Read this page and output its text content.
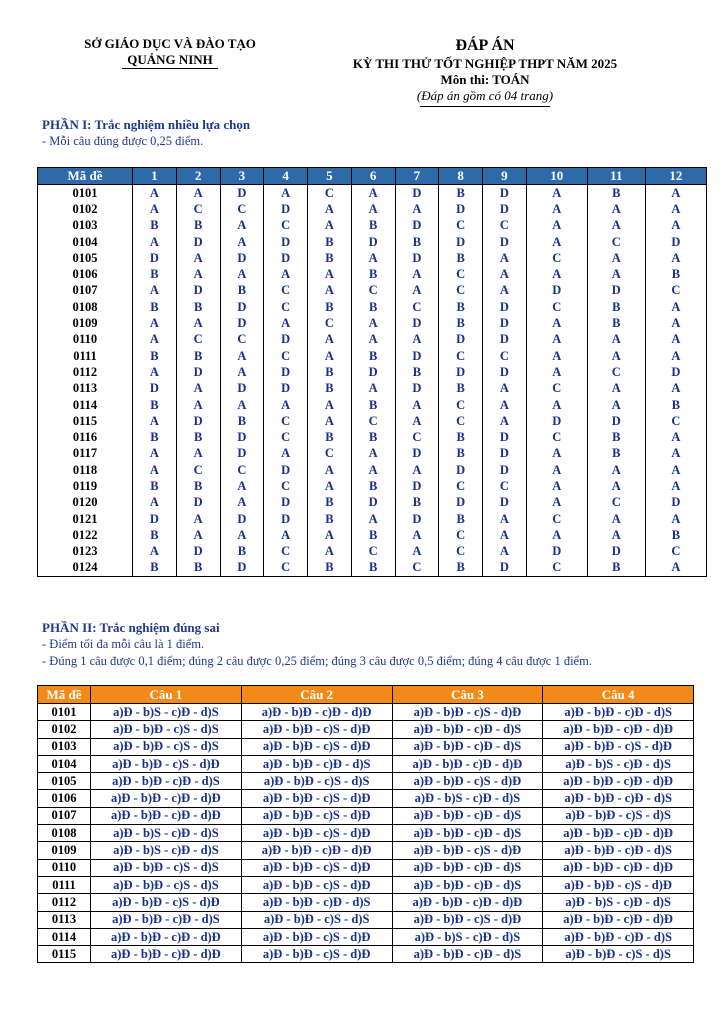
SỞ GIÁO DỤC VÀ ĐÀO TẠO
QUẢNG NINH
ĐÁP ÁN
KỲ THI THỬ TỐT NGHIỆP THPT NĂM 2025
Môn thi: TOÁN
(Đáp án gồm có 04 trang)
PHẦN I: Trắc nghiệm nhiều lựa chọn
- Mỗi câu đúng được 0,25 điểm.
Mã đề	1	2	3	4	5	6	7	8	9	10	11	12
0101	A	A	D	A	C	A	D	B	D	A	B	A
0102	A	C	C	D	A	A	A	D	D	A	A	A
0103	B	B	A	C	A	B	D	C	C	A	A	A
0104	A	D	A	D	B	D	B	D	D	A	C	D
0105	D	A	D	D	B	A	D	B	A	C	A	A
0106	B	A	A	A	A	B	A	C	A	A	A	B
0107	A	D	B	C	A	C	A	C	A	D	D	C
0108	B	B	D	C	B	B	C	B	D	C	B	A
0109	A	A	D	A	C	A	D	B	D	A	B	A
0110	A	C	C	D	A	A	A	D	D	A	A	A
0111	B	B	A	C	A	B	D	C	C	A	A	A
0112	A	D	A	D	B	D	B	D	D	A	C	D
0113	D	A	D	D	B	A	D	B	A	C	A	A
0114	B	A	A	A	A	B	A	C	A	A	A	B
0115	A	D	B	C	A	C	A	C	A	D	D	C
0116	B	B	D	C	B	B	C	B	D	C	B	A
0117	A	A	D	A	C	A	D	B	D	A	B	A
0118	A	C	C	D	A	A	A	D	D	A	A	A
0119	B	B	A	C	A	B	D	C	C	A	A	A
0120	A	D	A	D	B	D	B	D	D	A	C	D
0121	D	A	D	D	B	A	D	B	A	C	A	A
0122	B	A	A	A	A	B	A	C	A	A	A	B
0123	A	D	B	C	A	C	A	C	A	D	D	C
0124	B	B	D	C	B	B	C	B	D	C	B	A
PHẦN II: Trắc nghiệm đúng sai
- Điểm tối đa mỗi câu là 1 điểm.
- Đúng 1 câu được 0,1 điểm; đúng 2 câu được 0,25 điểm; đúng 3 câu được 0,5 điểm; đúng 4 câu được 1 điểm.
Mã đề	Câu 1	Câu 2	Câu 3	Câu 4
0101	a)Đ - b)S - c)Đ - d)S	a)Đ - b)Đ - c)Đ - d)Đ	a)Đ - b)Đ - c)S - d)Đ	a)Đ - b)Đ - c)Đ - d)S
0102	a)Đ - b)Đ - c)S - d)S	a)Đ - b)Đ - c)S - d)Đ	a)Đ - b)Đ - c)Đ - d)S	a)Đ - b)Đ - c)Đ - d)Đ
0103	a)Đ - b)Đ - c)S - d)S	a)Đ - b)Đ - c)S - d)Đ	a)Đ - b)Đ - c)Đ - d)S	a)Đ - b)Đ - c)S - d)Đ
0104	a)Đ - b)Đ - c)S - d)Đ	a)Đ - b)Đ - c)Đ - d)S	a)Đ - b)Đ - c)Đ - d)Đ	a)Đ - b)S - c)Đ - d)S
0105	a)Đ - b)Đ - c)Đ - d)S	a)Đ - b)Đ - c)S - d)S	a)Đ - b)Đ - c)S - d)Đ	a)Đ - b)Đ - c)Đ - d)Đ
0106	a)Đ - b)Đ - c)Đ - d)Đ	a)Đ - b)Đ - c)S - d)Đ	a)Đ - b)S - c)Đ - d)S	a)Đ - b)Đ - c)Đ - d)S
0107	a)Đ - b)Đ - c)Đ - d)Đ	a)Đ - b)Đ - c)S - d)Đ	a)Đ - b)Đ - c)Đ - d)S	a)Đ - b)Đ - c)S - d)S
0108	a)Đ - b)S - c)Đ - d)S	a)Đ - b)Đ - c)S - d)Đ	a)Đ - b)Đ - c)Đ - d)S	a)Đ - b)Đ - c)Đ - d)Đ
0109	a)Đ - b)S - c)Đ - d)S	a)Đ - b)Đ - c)Đ - d)Đ	a)Đ - b)Đ - c)S - d)Đ	a)Đ - b)Đ - c)Đ - d)S
0110	a)Đ - b)Đ - c)S - d)S	a)Đ - b)Đ - c)S - d)Đ	a)Đ - b)Đ - c)Đ - d)S	a)Đ - b)Đ - c)Đ - d)Đ
0111	a)Đ - b)Đ - c)S - d)S	a)Đ - b)Đ - c)S - d)Đ	a)Đ - b)Đ - c)Đ - d)S	a)Đ - b)Đ - c)S - d)Đ
0112	a)Đ - b)Đ - c)S - d)Đ	a)Đ - b)Đ - c)Đ - d)S	a)Đ - b)Đ - c)Đ - d)Đ	a)Đ - b)S - c)Đ - d)S
0113	a)Đ - b)Đ - c)Đ - d)S	a)Đ - b)Đ - c)S - d)S	a)Đ - b)Đ - c)S - d)Đ	a)Đ - b)Đ - c)Đ - d)Đ
0114	a)Đ - b)Đ - c)Đ - d)Đ	a)Đ - b)Đ - c)S - d)Đ	a)Đ - b)S - c)Đ - d)S	a)Đ - b)Đ - c)Đ - d)S
0115	a)Đ - b)Đ - c)Đ - d)Đ	a)Đ - b)Đ - c)S - d)Đ	a)Đ - b)Đ - c)Đ - d)S	a)Đ - b)Đ - c)S - d)S
